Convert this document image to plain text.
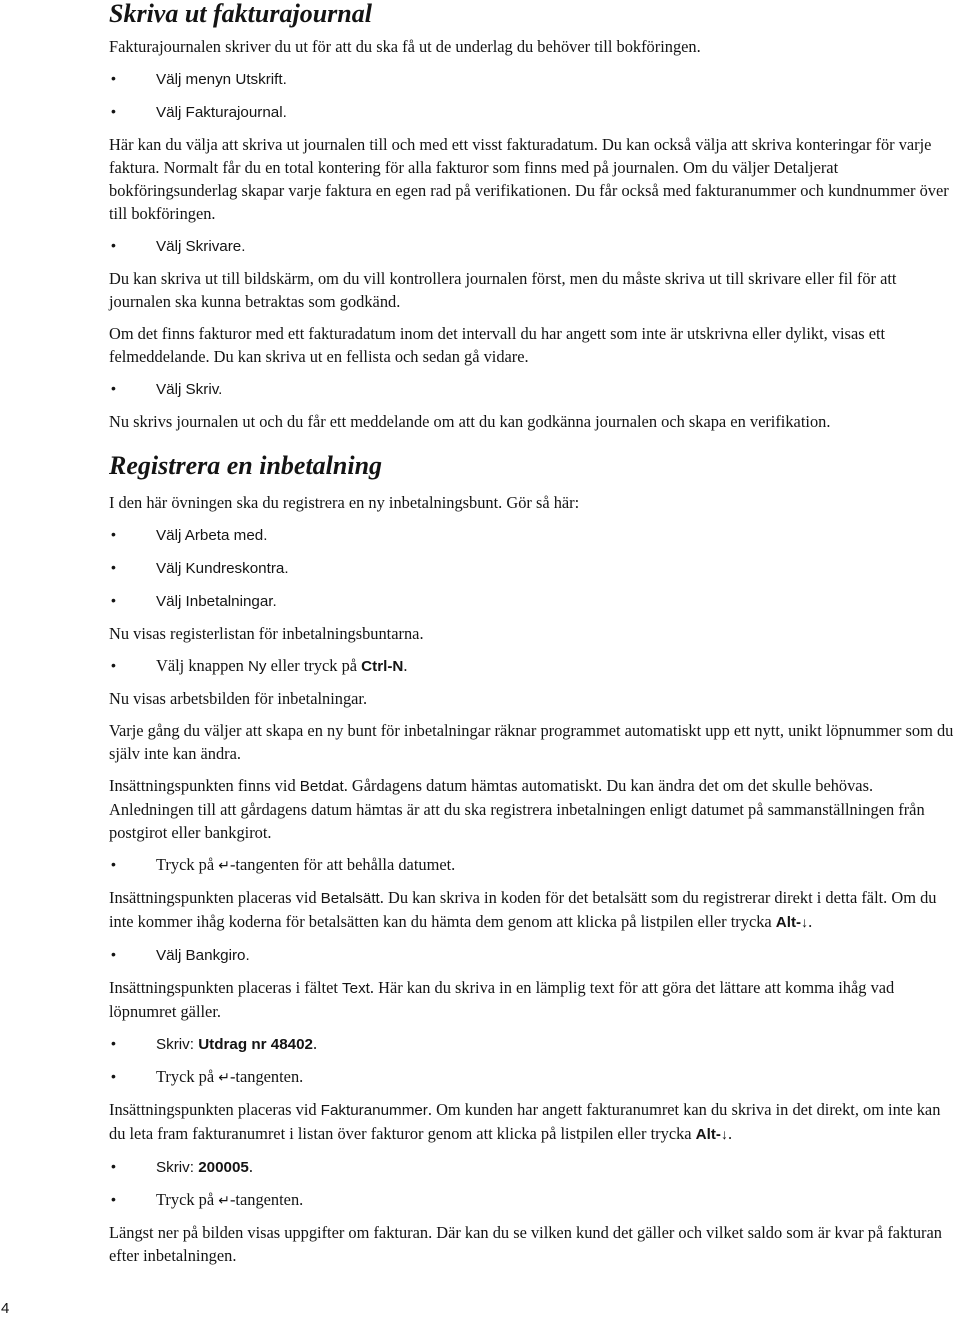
Skriva ut fakturajournal

Fakturajournalen skriver du ut för att du ska få ut de underlag du behöver till bokföringen.

•	Välj menyn Utskrift.
•	Välj Fakturajournal.

Här kan du välja att skriva ut journalen till och med ett visst fakturadatum. Du kan också välja att skriva konteringar för varje faktura. Normalt får du en total kontering för alla fakturor som finns med på journalen. Om du väljer Detaljerat bokföringsunderlag skapar varje faktura en egen rad på verifikationen. Du får också med fakturanummer och kundnummer över till bokföringen.

•	Välj Skrivare.

Du kan skriva ut till bildskärm, om du vill kontrollera journalen först, men du måste skriva ut till skrivare eller fil för att journalen ska kunna betraktas som godkänd.

Om det finns fakturor med ett fakturadatum inom det intervall du har angett som inte är utskrivna eller dylikt, visas ett felmeddelande. Du kan skriva ut en fellista och sedan gå vidare.

•	Välj Skriv.

Nu skrivs journalen ut och du får ett meddelande om att du kan godkänna journalen och skapa en verifikation.

Registrera en inbetalning

I den här övningen ska du registrera en ny inbetalningsbunt. Gör så här:

•	Välj Arbeta med.
•	Välj Kundreskontra.
•	Välj Inbetalningar.

Nu visas registerlistan för inbetalningsbuntarna.

• Välj knappen Ny eller tryck på Ctrl-N.

Nu visas arbetsbilden för inbetalningar.

Varje gång du väljer att skapa en ny bunt för inbetalningar räknar programmet automatiskt upp ett nytt, unikt löpnummer som du själv inte kan ändra.

Insättningspunkten finns vid Betdat. Gårdagens datum hämtas automatiskt. Du kan ändra det om det skulle behövas. Anledningen till att gårdagens datum hämtas är att du ska registrera inbetalningen enligt datumet på sammanställningen från postgirot eller bankgirot.

• Tryck på ↵-tangenten för att behålla datumet.

Insättningspunkten placeras vid Betalsätt. Du kan skriva in koden för det betalsätt som du registrerar direkt i detta fält. Om du inte kommer ihåg koderna för betalsätten kan du hämta dem genom att klicka på listpilen eller trycka Alt-↓.

•	Välj Bankgiro.

Insättningspunkten placeras i fältet Text. Här kan du skriva in en lämplig text för att göra det lättare att komma ihåg vad löpnumret gäller.

•	Skriv: Utdrag nr 48402.
• Tryck på ↵-tangenten.

Insättningspunkten placeras vid Fakturanummer. Om kunden har angett fakturanumret kan du skriva in det direkt, om inte kan du leta fram fakturanumret i listan över fakturor genom att klicka på listpilen eller trycka Alt-↓.

•	Skriv: 200005.
• Tryck på ↵-tangenten.

Längst ner på bilden visas uppgifter om fakturan. Där kan du se vilken kund det gäller och vilket saldo som är kvar på fakturan efter inbetalningen.

4
